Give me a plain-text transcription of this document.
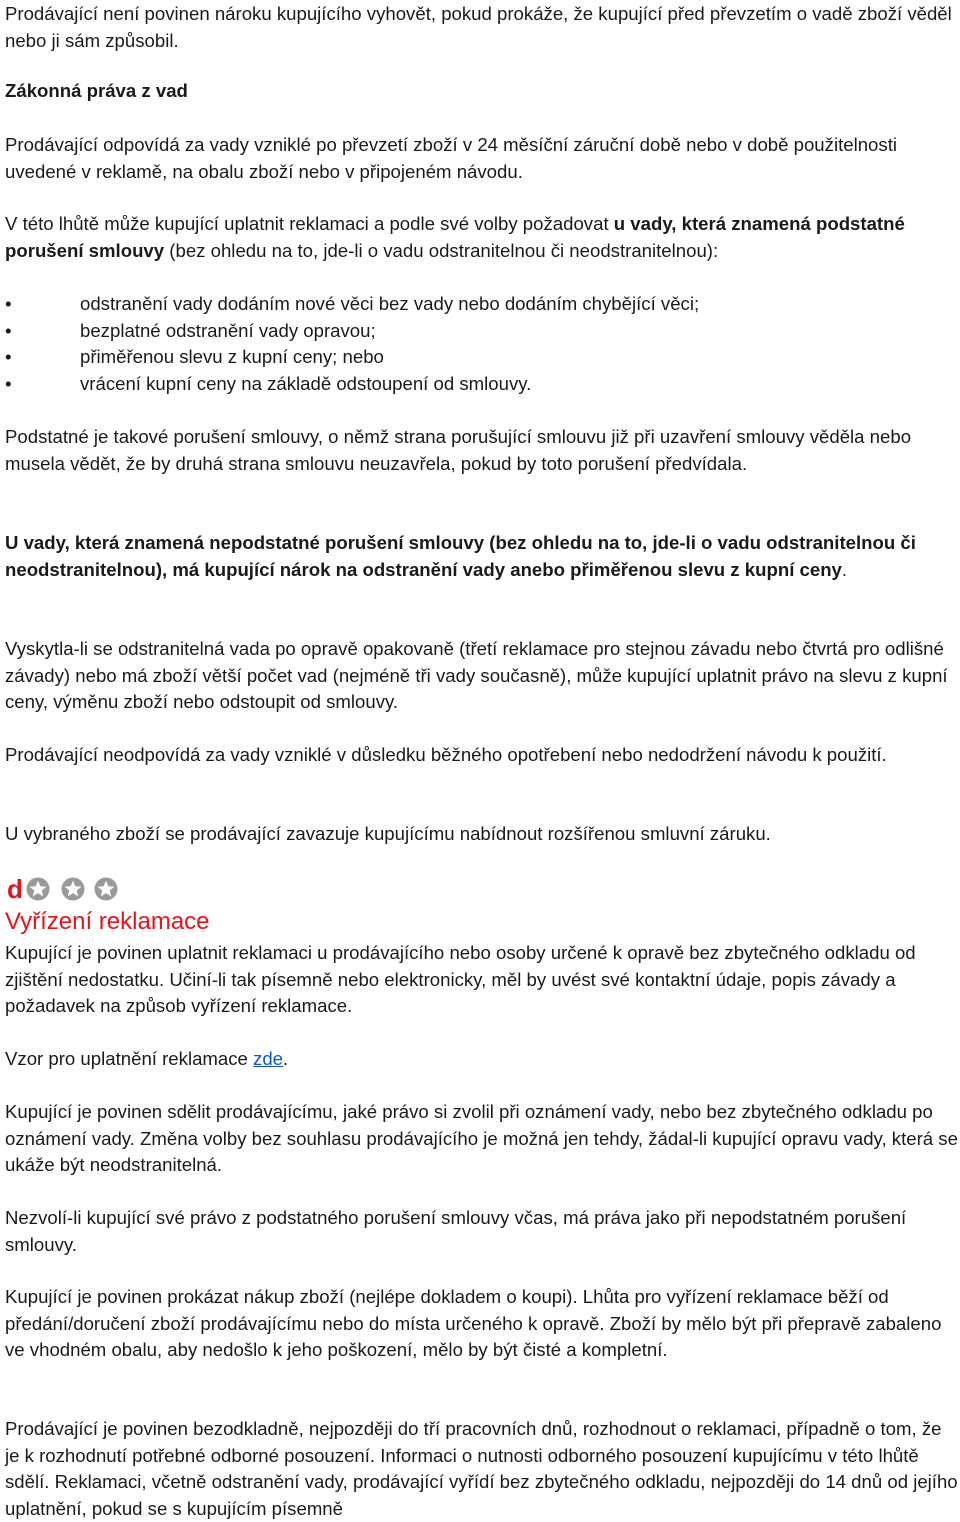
Prodávající není povinen nároku kupujícího vyhovět, pokud prokáže, že kupující před převzetím o vadě zboží věděl nebo ji sám způsobil.

Zákonná práva z vad

Prodávající odpovídá za vady vzniklé po převzetí zboží v 24 měsíční záruční době nebo v době použitelnosti uvedené v reklamě, na obalu zboží nebo v připojeném návodu.

V této lhůtě může kupující uplatnit reklamaci a podle své volby požadovat u vady, která znamená podstatné porušení smlouvy (bez ohledu na to, jde-li o vadu odstranitelnou či neodstranitelnou):

•	odstranění vady dodáním nové věci bez vady nebo dodáním chybějící věci;
•	bezplatné odstranění vady opravou;
•	přiměřenou slevu z kupní ceny; nebo
•	vrácení kupní ceny na základě odstoupení od smlouvy.

Podstatné je takové porušení smlouvy, o němž strana porušující smlouvu již při uzavření smlouvy věděla nebo musela vědět, že by druhá strana smlouvu neuzavřela, pokud by toto porušení předvídala.

U vady, která znamená nepodstatné porušení smlouvy (bez ohledu na to, jde-li o vadu odstranitelnou či neodstranitelnou), má kupující nárok na odstranění vady anebo přiměřenou slevu z kupní ceny.

Vyskytla-li se odstranitelná vada po opravě opakovaně (třetí reklamace pro stejnou závadu nebo čtvrtá pro odlišné závady) nebo má zboží větší počet vad (nejméně tři vady současně), může kupující uplatnit právo na slevu z kupní ceny, výměnu zboží nebo odstoupit od smlouvy.

Prodávající neodpovídá za vady vzniklé v důsledku běžného opotřebení nebo nedodržení návodu k použití.

U vybraného zboží se prodávající zavazuje kupujícímu nabídnout rozšířenou smluvní záruku.

d

Vyřízení reklamace

Kupující je povinen uplatnit reklamaci u prodávajícího nebo osoby určené k opravě bez zbytečného odkladu od zjištění nedostatku. Učiní-li tak písemně nebo elektronicky, měl by uvést své kontaktní údaje, popis závady a požadavek na způsob vyřízení reklamace.

Vzor pro uplatnění reklamace zde.

Kupující je povinen sdělit prodávajícímu, jaké právo si zvolil při oznámení vady, nebo bez zbytečného odkladu po oznámení vady. Změna volby bez souhlasu prodávajícího je možná jen tehdy, žádal-li kupující opravu vady, která se ukáže být neodstranitelná.

Nezvolí-li kupující své právo z podstatného porušení smlouvy včas, má práva jako při nepodstatném porušení smlouvy.

Kupující je povinen prokázat nákup zboží (nejlépe dokladem o koupi). Lhůta pro vyřízení reklamace běží od předání/doručení zboží prodávajícímu nebo do místa určeného k opravě. Zboží by mělo být při přepravě zabaleno ve vhodném obalu, aby nedošlo k jeho poškození, mělo by být čisté a kompletní.

Prodávající je povinen bezodkladně, nejpozději do tří pracovních dnů, rozhodnout o reklamaci, případně o tom, že je k rozhodnutí potřebné odborné posouzení. Informaci o nutnosti odborného posouzení kupujícímu v této lhůtě sdělí. Reklamaci, včetně odstranění vady, prodávající vyřídí bez zbytečného odkladu, nejpozději do 14 dnů od jejího uplatnění, pokud se s kupujícím písemně
